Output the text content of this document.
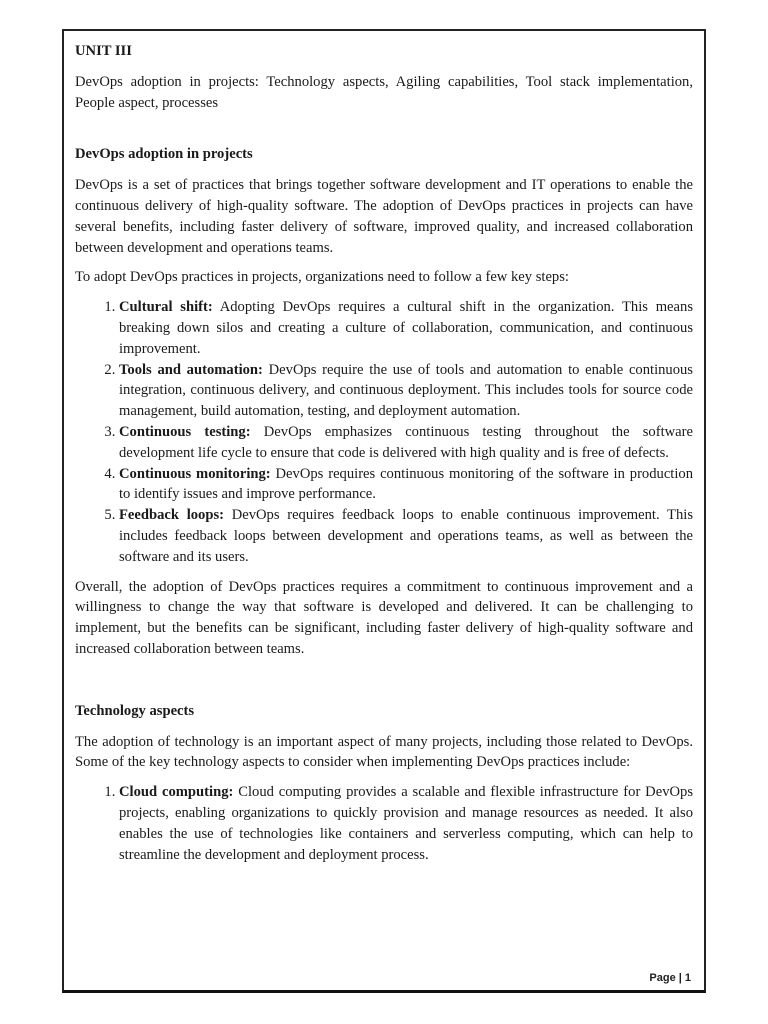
UNIT III

DevOps adoption in projects: Technology aspects, Agiling capabilities, Tool stack implementation, People aspect, processes

DevOps adoption in projects

DevOps is a set of practices that brings together software development and IT operations to enable the continuous delivery of high-quality software. The adoption of DevOps practices in projects can have several benefits, including faster delivery of software, improved quality, and increased collaboration between development and operations teams.

To adopt DevOps practices in projects, organizations need to follow a few key steps:

1. Cultural shift: Adopting DevOps requires a cultural shift in the organization. This means breaking down silos and creating a culture of collaboration, communication, and continuous improvement.
2. Tools and automation: DevOps require the use of tools and automation to enable continuous integration, continuous delivery, and continuous deployment. This includes tools for source code management, build automation, testing, and deployment automation.
3. Continuous testing: DevOps emphasizes continuous testing throughout the software development life cycle to ensure that code is delivered with high quality and is free of defects.
4. Continuous monitoring: DevOps requires continuous monitoring of the software in production to identify issues and improve performance.
5. Feedback loops: DevOps requires feedback loops to enable continuous improvement. This includes feedback loops between development and operations teams, as well as between the software and its users.

Overall, the adoption of DevOps practices requires a commitment to continuous improvement and a willingness to change the way that software is developed and delivered. It can be challenging to implement, but the benefits can be significant, including faster delivery of high-quality software and increased collaboration between teams.

Technology aspects

The adoption of technology is an important aspect of many projects, including those related to DevOps. Some of the key technology aspects to consider when implementing DevOps practices include:

1. Cloud computing: Cloud computing provides a scalable and flexible infrastructure for DevOps projects, enabling organizations to quickly provision and manage resources as needed. It also enables the use of technologies like containers and serverless computing, which can help to streamline the development and deployment process.
Page | 1
